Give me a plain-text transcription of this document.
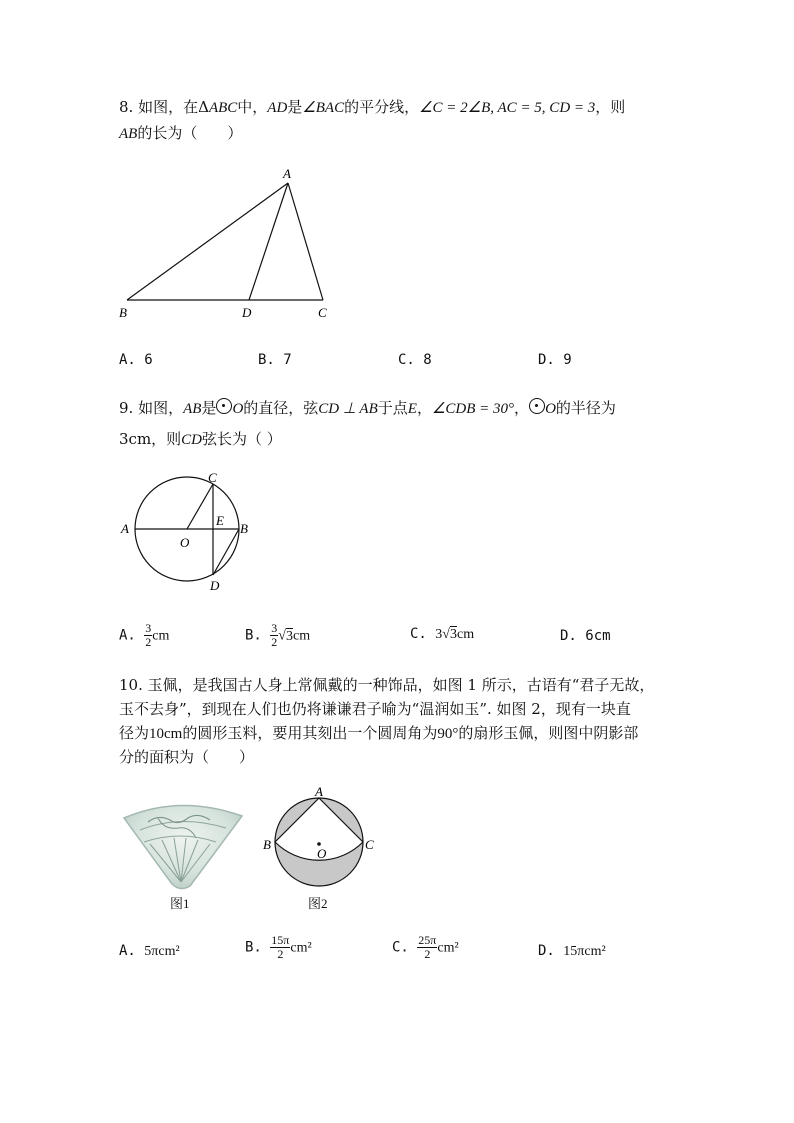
8. 如图，在ΔABC中，AD是∠BAC的平分线，∠C = 2∠B, AC = 5, CD = 3，则
AB的长为（　　）
A
B	D	C
A. 6	B. 7	C. 8	D. 9
9. 如图，AB是 O的直径，弦CD ⊥ AB于点E，∠CDB = 30°， O的半径为
3cm，则CD弦长为（ ）
C
A
E
B
O
D
A. $\frac{3}{2}$ cm	B. $\frac{3}{2} √3cm$	C. 3√3cm	D. 6cm
10. 玉佩，是我国古人身上常佩戴的一种饰品，如图 1 所示，古语有“君子无故，
玉不去身”，到现在人们也仍将谦谦君子喻为“温润如玉”. 如图 2，现有一块直
径为10cm的圆形玉料，要用其刻出一个圆周角为90°的扇形玉佩，则图中阴影部
分的面积为（　　）
图1
A
B	C
O
图2
A. 5πcm²	B. $\frac{15\pi}{2} cm^2$	C. $\frac{25\pi}{2} cm^2$	D. 15πcm²
